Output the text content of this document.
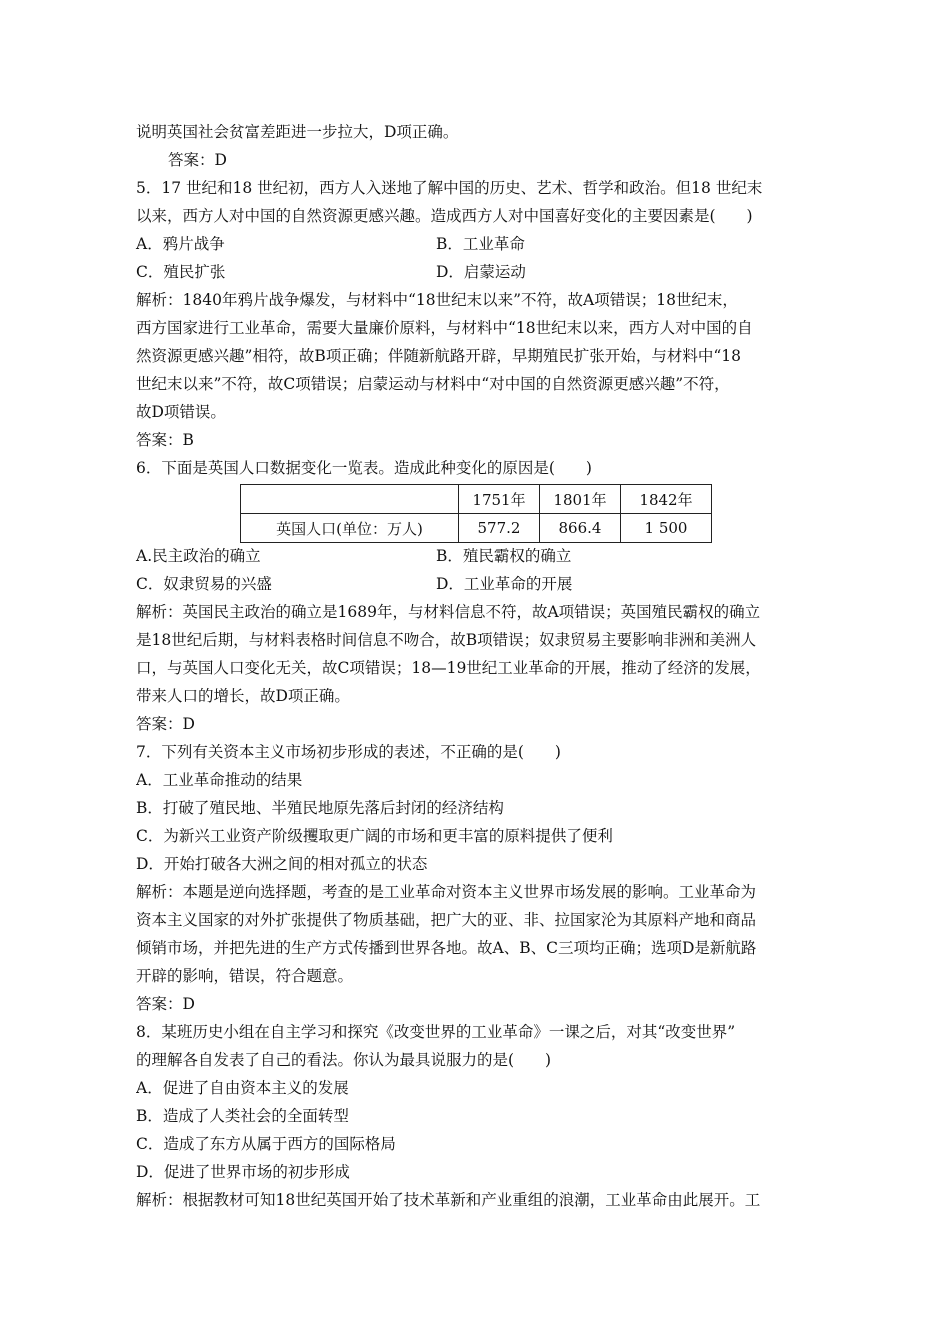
说明英国社会贫富差距进一步拉大，D项正确。
答案：D
5．17 世纪和18 世纪初，西方人入迷地了解中国的历史、艺术、哲学和政治。但18 世纪末
以来，西方人对中国的自然资源更感兴趣。造成西方人对中国喜好变化的主要因素是(　　)
A．鸦片战争	B．工业革命
C．殖民扩张	D．启蒙运动
解析：1840年鸦片战争爆发，与材料中“18世纪末以来”不符，故A项错误；18世纪末，
西方国家进行工业革命，需要大量廉价原料，与材料中“18世纪末以来，西方人对中国的自
然资源更感兴趣”相符，故B项正确；伴随新航路开辟，早期殖民扩张开始，与材料中“18
世纪末以来”不符，故C项错误；启蒙运动与材料中“对中国的自然资源更感兴趣”不符，
故D项错误。
答案：B
6．下面是英国人口数据变化一览表。造成此种变化的原因是(　　)
	1751年	1801年	1842年
英国人口(单位：万人)	577.2	866.4	1 500
A.民主政治的确立	B．殖民霸权的确立
C．奴隶贸易的兴盛	D．工业革命的开展
解析：英国民主政治的确立是1689年，与材料信息不符，故A项错误；英国殖民霸权的确立
是18世纪后期，与材料表格时间信息不吻合，故B项错误；奴隶贸易主要影响非洲和美洲人
口，与英国人口变化无关，故C项错误；18—19世纪工业革命的开展，推动了经济的发展，
带来人口的增长，故D项正确。
答案：D
7．下列有关资本主义市场初步形成的表述，不正确的是(　　)
A．工业革命推动的结果
B．打破了殖民地、半殖民地原先落后封闭的经济结构
C．为新兴工业资产阶级攫取更广阔的市场和更丰富的原料提供了便利
D．开始打破各大洲之间的相对孤立的状态
解析：本题是逆向选择题，考查的是工业革命对资本主义世界市场发展的影响。工业革命为
资本主义国家的对外扩张提供了物质基础，把广大的亚、非、拉国家沦为其原料产地和商品
倾销市场，并把先进的生产方式传播到世界各地。故A、B、C三项均正确；选项D是新航路
开辟的影响，错误，符合题意。
答案：D
8．某班历史小组在自主学习和探究《改变世界的工业革命》一课之后，对其“改变世界”
的理解各自发表了自己的看法。你认为最具说服力的是(　　)
A．促进了自由资本主义的发展
B．造成了人类社会的全面转型
C．造成了东方从属于西方的国际格局
D．促进了世界市场的初步形成
解析：根据教材可知18世纪英国开始了技术革新和产业重组的浪潮，工业革命由此展开。工
